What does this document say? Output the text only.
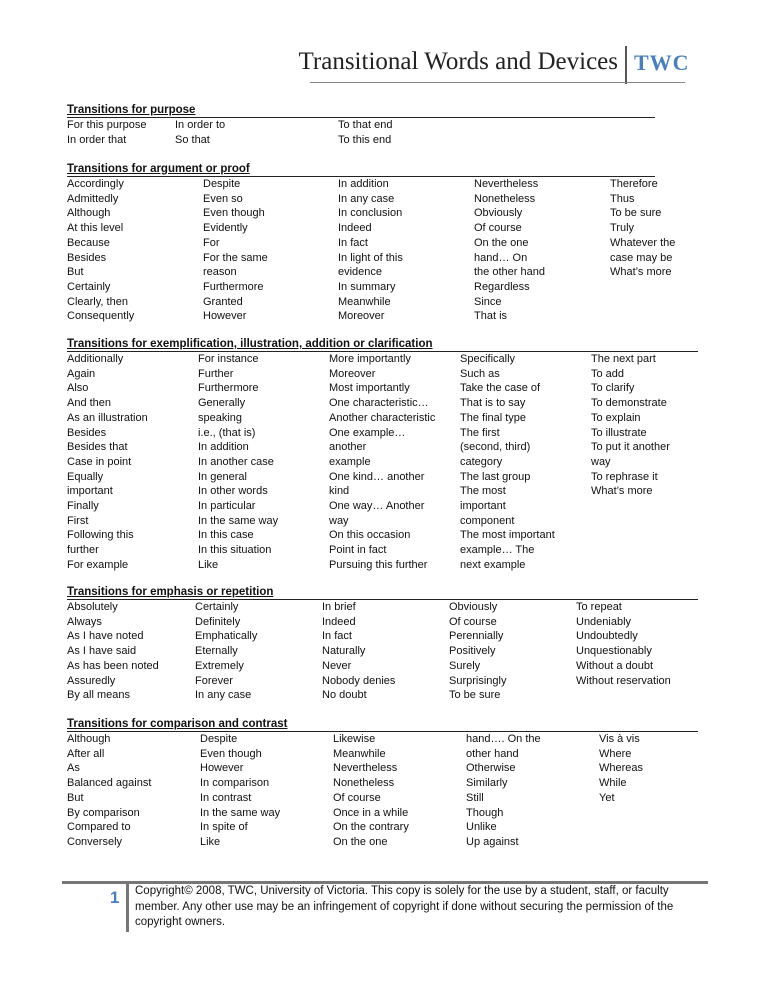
Transitional Words and Devices TWC
Transitions for purpose
For this purpose
In order that
In order to
So that
To that end
To this end
Transitions for argument or proof
Accordingly
Admittedly
Although
At this level
Because
Besides
But
Certainly
Clearly, then
Consequently
Despite
Even so
Even though
Evidently
For
For the same
reason
Furthermore
Granted
However
In addition
In any case
In conclusion
Indeed
In fact
In light of this
evidence
In summary
Meanwhile
Moreover
Nevertheless
Nonetheless
Obviously
Of course
On the one
hand… On
the other hand
Regardless
Since
That is
Therefore
Thus
To be sure
Truly
Whatever the
case may be
What’s more
Transitions for exemplification, illustration, addition or clarification
Additionally
Again
Also
And then
As an illustration
Besides
Besides that
Case in point
Equally
important
Finally
First
Following this
further
For example
For instance
Further
Furthermore
Generally
speaking
i.e., (that is)
In addition
In another case
In general
In other words
In particular
In the same way
In this case
In this situation
Like
More importantly
Moreover
Most importantly
One characteristic…
Another characteristic
One example…
another
example
One kind… another
kind
One way… Another
way
On this occasion
Point in fact
Pursuing this further
Specifically
Such as
Take the case of
That is to say
The final type
The first
(second, third)
category
The last group
The most
important
component
The most important
example… The
next example
The next part
To add
To clarify
To demonstrate
To explain
To illustrate
To put it another
way
To rephrase it
What’s more
Transitions for emphasis or repetition
Absolutely
Always
As I have noted
As I have said
As has been noted
Assuredly
By all means
Certainly
Definitely
Emphatically
Eternally
Extremely
Forever
In any case
In brief
Indeed
In fact
Naturally
Never
Nobody denies
No doubt
Obviously
Of course
Perennially
Positively
Surely
Surprisingly
To be sure
To repeat
Undeniably
Undoubtedly
Unquestionably
Without a doubt
Without reservation
Transitions for comparison and contrast
Although
After all
As
Balanced against
But
By comparison
Compared to
Conversely
Despite
Even though
However
In comparison
In contrast
In the same way
In spite of
Like
Likewise
Meanwhile
Nevertheless
Nonetheless
Of course
Once in a while
On the contrary
On the one
hand…. On the
other hand
Otherwise
Similarly
Still
Though
Unlike
Up against
Vis à vis
Where
Whereas
While
Yet
1 Copyright© 2008, TWC, University of Victoria. This copy is solely for the use by a student, staff, or faculty member. Any other use may be an infringement of copyright if done without securing the permission of the copyright owners.
